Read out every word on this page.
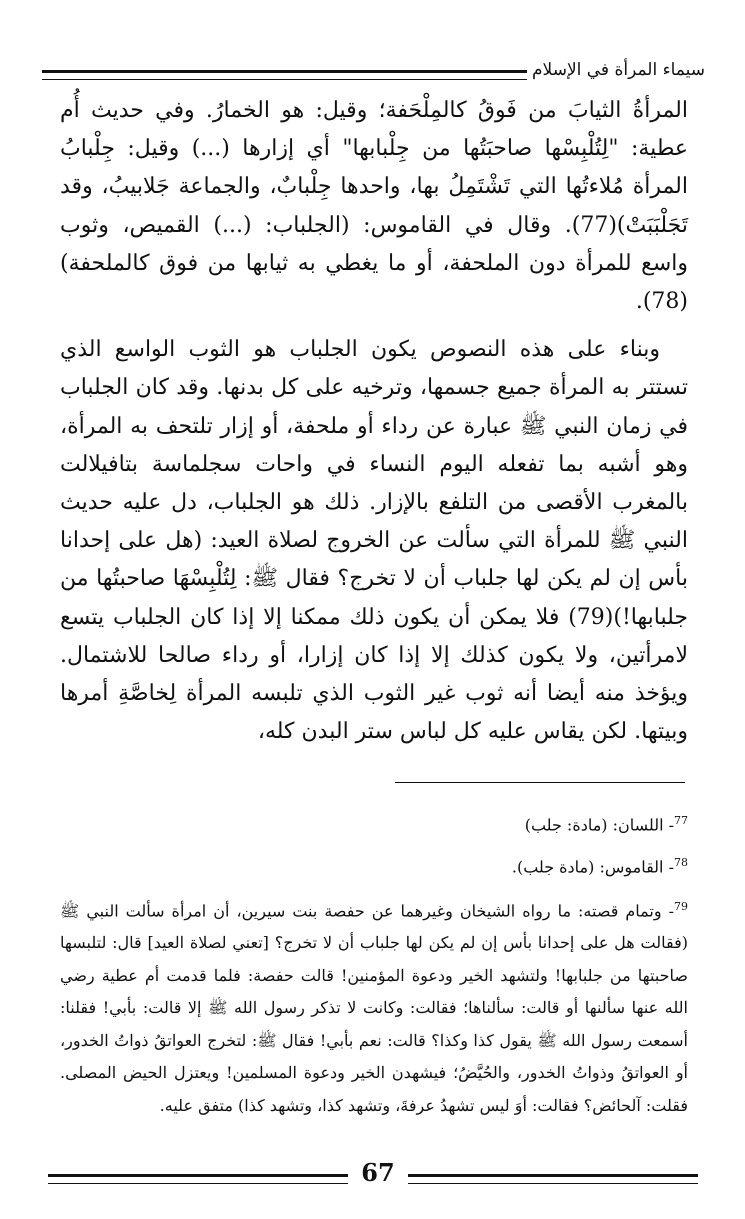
سيماء المرأة في الإسلام

المرأةُ الثيابَ من فَوقُ كالمِلْحَفة؛ وقيل: هو الخمارُ. وفي حديث أُم عطية: "لِتُلْبِسْها صاحبَتُها من جِلْبابها" أي إزارها (...) وقيل: جِلْبابُ المرأة مُلاءتُها التي تَشْتَمِلُ بها، واحدها جِلْبابٌ، والجماعة جَلابيبُ، وقد تَجَلْبَبَتْ)(77). وقال في القاموس: (الجلباب: (...) القميص، وثوب واسع للمرأة دون الملحفة، أو ما يغطي به ثيابها من فوق كالملحفة)(78).

وبناء على هذه النصوص يكون الجلباب هو الثوب الواسع الذي تستتر به المرأة جميع جسمها، وترخيه على كل بدنها. وقد كان الجلباب في زمان النبي ﷺ عبارة عن رداء أو ملحفة، أو إزار تلتحف به المرأة، وهو أشبه بما تفعله اليوم النساء في واحات سجلماسة بتافيلالت بالمغرب الأقصى من التلفع بالإزار. ذلك هو الجلباب، دل عليه حديث النبي ﷺ للمرأة التي سألت عن الخروج لصلاة العيد: (هل على إحدانا بأس إن لم يكن لها جلباب أن لا تخرج؟ فقال ﷺ: لِتُلْبِسْهَا صاحبتُها من جلبابها!)(79) فلا يمكن أن يكون ذلك ممكنا إلا إذا كان الجلباب يتسع لامرأتين، ولا يكون كذلك إلا إذا كان إزارا، أو رداء صالحا للاشتمال. ويؤخذ منه أيضا أنه ثوب غير الثوب الذي تلبسه المرأة لِخاصَّةِ أمرها وبيتها. لكن يقاس عليه كل لباس ستر البدن كله،

$^{77}$- اللسان: (مادة: جلب)

$^{78}$- القاموس: (مادة جلب).

$^{79}$- وتمام قصته: ما رواه الشيخان وغيرهما عن حفصة بنت سيرين، أن امرأة سألت النبي ﷺ (فقالت هل على إحدانا بأس إن لم يكن لها جلباب أن لا تخرج؟ [تعني لصلاة العيد] قال: لتلبسها صاحبتها من جلبابها! ولتشهد الخير ودعوة المؤمنين! قالت حفصة: فلما قدمت أم عطية رضي الله عنها سألنها أو قالت: سألناها؛ فقالت: وكانت لا تذكر رسول الله ﷺ إلا قالت: بأبي! فقلنا: أسمعت رسول الله ﷺ يقول كذا وكذا؟ قالت: نعم بأبي! فقال ﷺ: لتخرج العواتقُ ذواتُ الخدور، أو العواتقُ وذواتُ الخدور، والحُيَّضُ؛ فيشهدن الخير ودعوة المسلمين! ويعتزل الحيض المصلى. فقلت: آلحائض؟ فقالت: أوَ ليس تشهدُ عرفةَ، وتشهد كذا، وتشهد كذا) متفق عليه.

67
